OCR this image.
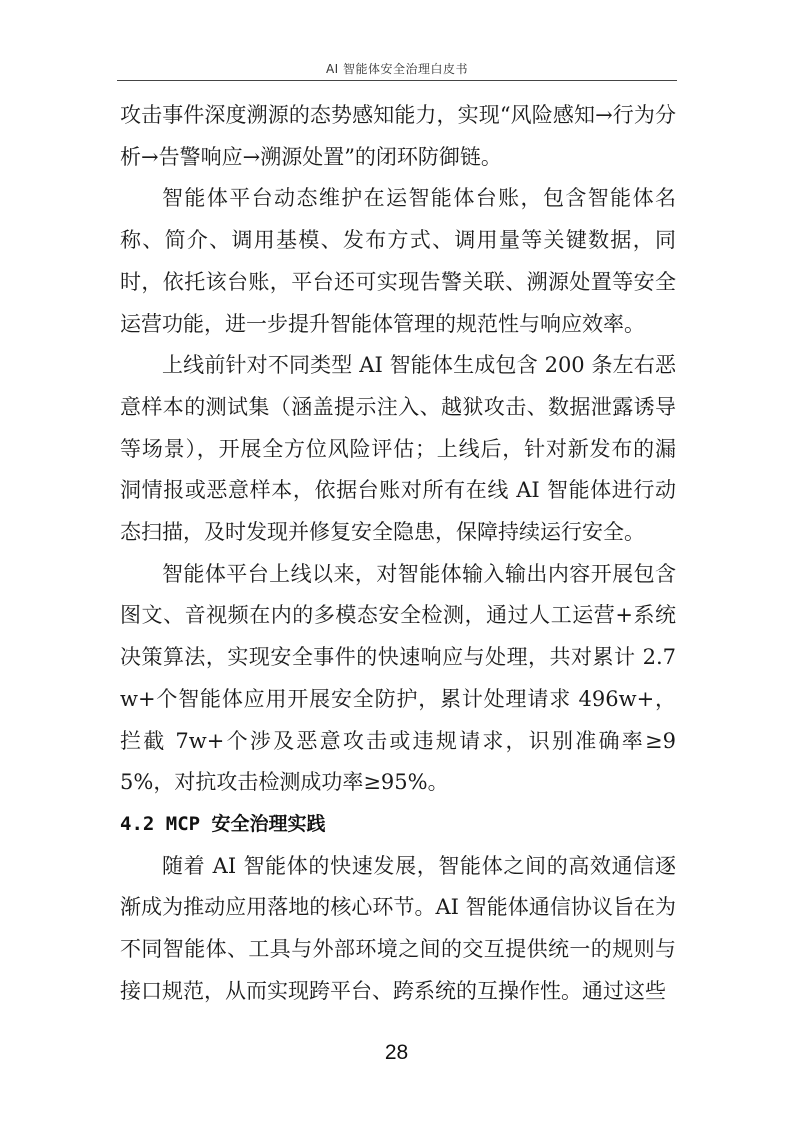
AI 智能体安全治理白皮书

攻击事件深度溯源的态势感知能力，实现“风险感知→行为分析→告警响应→溯源处置”的闭环防御链。

智能体平台动态维护在运智能体台账，包含智能体名称、简介、调用基模、发布方式、调用量等关键数据，同时，依托该台账，平台还可实现告警关联、溯源处置等安全运营功能，进一步提升智能体管理的规范性与响应效率。

上线前针对不同类型 AI 智能体生成包含 200 条左右恶意样本的测试集（涵盖提示注入、越狱攻击、数据泄露诱导等场景），开展全方位风险评估；上线后，针对新发布的漏洞情报或恶意样本，依据台账对所有在线 AI 智能体进行动态扫描，及时发现并修复安全隐患，保障持续运行安全。

智能体平台上线以来，对智能体输入输出内容开展包含图文、音视频在内的多模态安全检测，通过人工运营+系统决策算法，实现安全事件的快速响应与处理，共对累计 2.7w+个智能体应用开展安全防护，累计处理请求 496w+，拦截 7w+个涉及恶意攻击或违规请求，识别准确率≥95%，对抗攻击检测成功率≥95%。

4.2 MCP 安全治理实践

随着 AI 智能体的快速发展，智能体之间的高效通信逐渐成为推动应用落地的核心环节。AI 智能体通信协议旨在为不同智能体、工具与外部环境之间的交互提供统一的规则与接口规范，从而实现跨平台、跨系统的互操作性。通过这些

28
